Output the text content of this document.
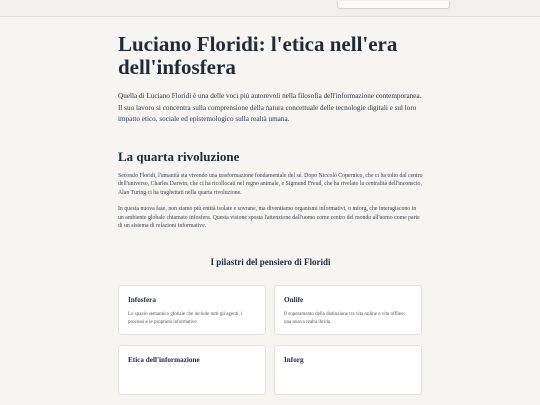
Luciano Floridi: l'etica nell'era dell'infosfera

Quella di Luciano Floridi è una delle voci più autorevoli nella filosofia dell'informazione contemporanea. Il suo lavoro si concentra sulla comprensione della natura concettuale delle tecnologie digitali e sul loro impatto etico, sociale ed epistemologico sulla realtà umana.

La quarta rivoluzione

Secondo Floridi, l'umanità sta vivendo una trasformazione fondamentale del sé. Dopo Niccolò Copernico, che ci ha tolto dal centro dell'universo, Charles Darwin, che ci ha ricollocati nel regno animale, e Sigmund Freud, che ha rivelato la centralità dell'inconscio, Alan Turing ci ha traghettati nella quarta rivoluzione.

In questa nuova fase, non siamo più entità isolate e sovrane, ma diventiamo organismi informativi, o inforg, che interagiscono in un ambiente globale chiamato infosfera. Questa visione sposta l'attenzione dall'uomo come centro del mondo all'uomo come parte di un sistema di relazioni informative.

I pilastri del pensiero di Floridi
Infosfera
Lo spazio semantico globale che include tutti gli agenti, i processi e le proprietà informative.
Onlife
Il superamento della distinzione tra vita online e vita offline: una nuova realtà ibrida.
Etica dell'informazione	Inforg
